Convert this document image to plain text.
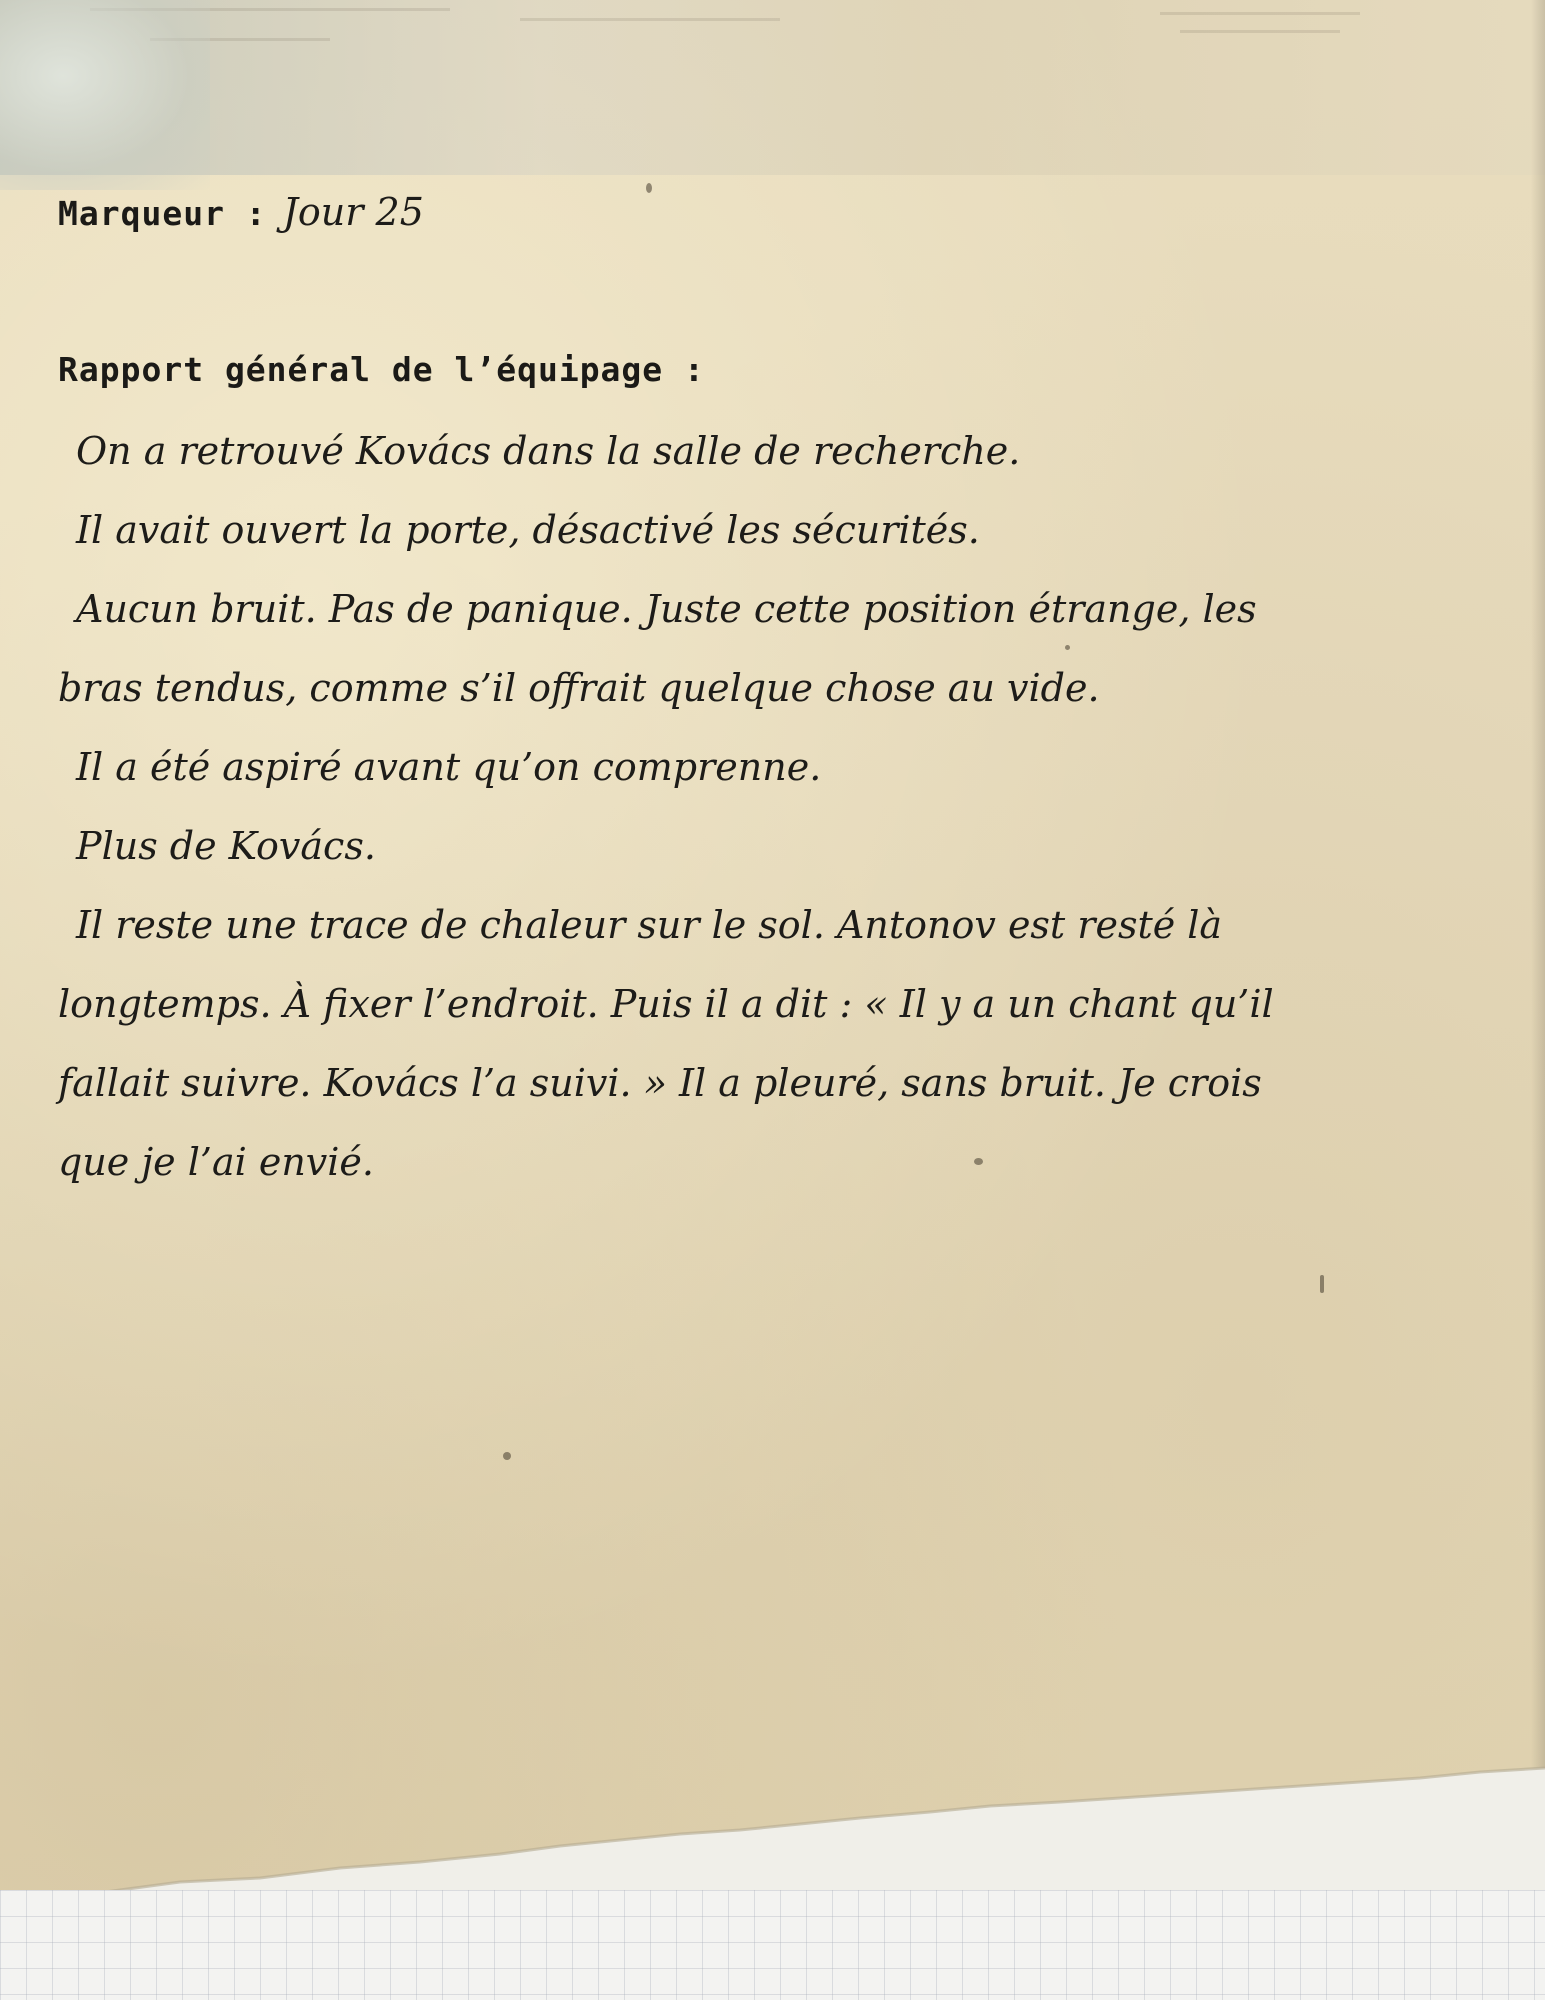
Marqueur : Jour 25
Rapport général de l’équipage :

On a retrouvé Kovács dans la salle de recherche.

Il avait ouvert la porte, désactivé les sécurités.

Aucun bruit. Pas de panique. Juste cette position étrange, les

bras tendus, comme s’il offrait quelque chose au vide.

Il a été aspiré avant qu’on comprenne.

Plus de Kovács.

Il reste une trace de chaleur sur le sol. Antonov est resté là

longtemps. À fixer l’endroit. Puis il a dit : « Il y a un chant qu’il

fallait suivre. Kovács l’a suivi. » Il a pleuré, sans bruit. Je crois

que je l’ai envié.
